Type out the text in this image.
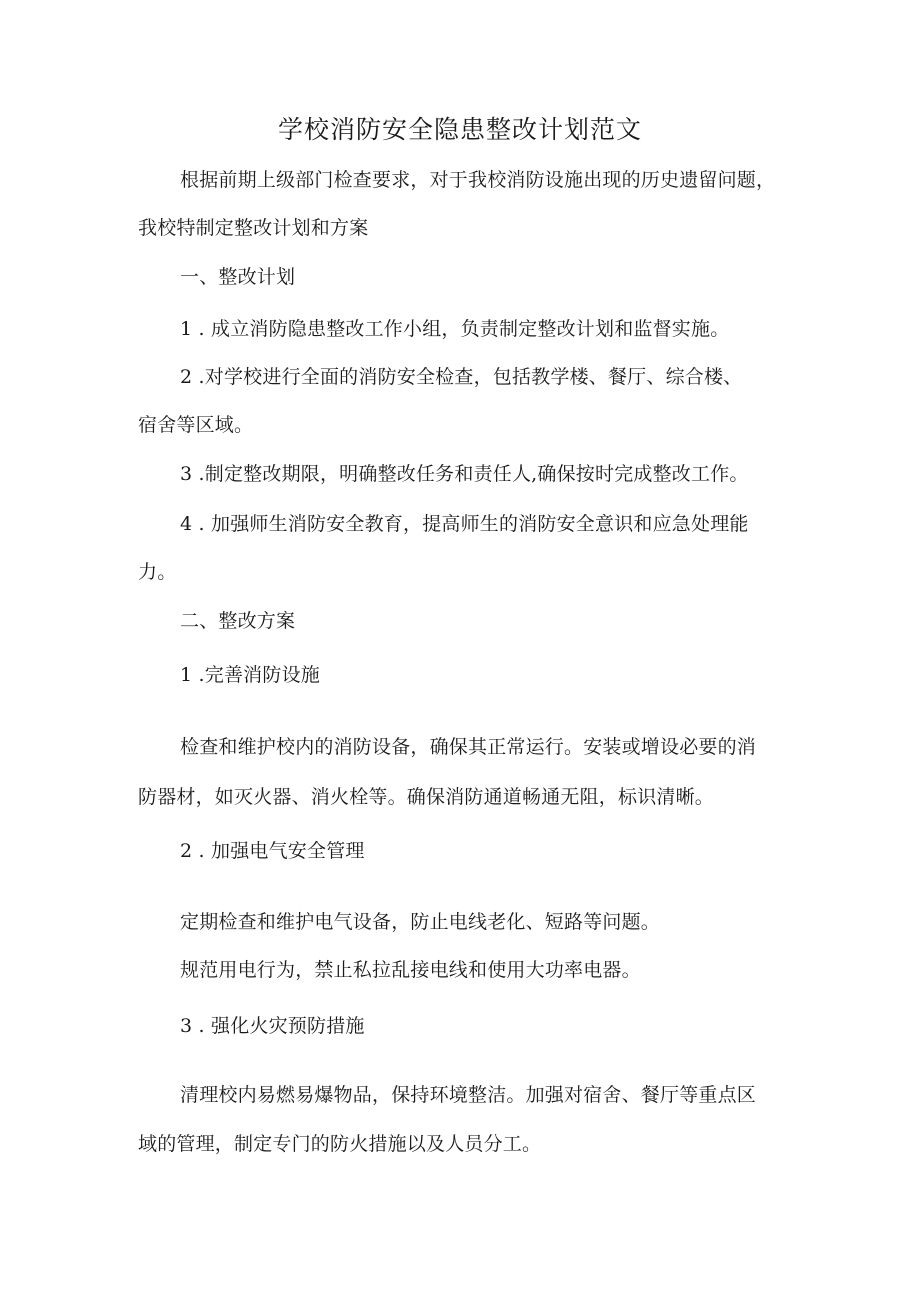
学校消防安全隐患整改计划范文
根据前期上级部门检查要求，对于我校消防设施出现的历史遗留问题，
我校特制定整改计划和方案
一、整改计划
1 . 成立消防隐患整改工作小组，负责制定整改计划和监督实施。
2 .对学校进行全面的消防安全检查，包括教学楼、餐厅、综合楼、
宿舍等区域。
3 .制定整改期限，明确整改任务和责任人,确保按时完成整改工作。
4 . 加强师生消防安全教育，提高师生的消防安全意识和应急处理能
力。
二、整改方案
1 .完善消防设施
检查和维护校内的消防设备，确保其正常运行。安装或增设必要的消
防器材，如灭火器、消火栓等。确保消防通道畅通无阻，标识清晰。
2 . 加强电气安全管理
定期检查和维护电气设备，防止电线老化、短路等问题。
规范用电行为，禁止私拉乱接电线和使用大功率电器。
3 . 强化火灾预防措施
清理校内易燃易爆物品，保持环境整洁。加强对宿舍、餐厅等重点区
域的管理，制定专门的防火措施以及人员分工。
